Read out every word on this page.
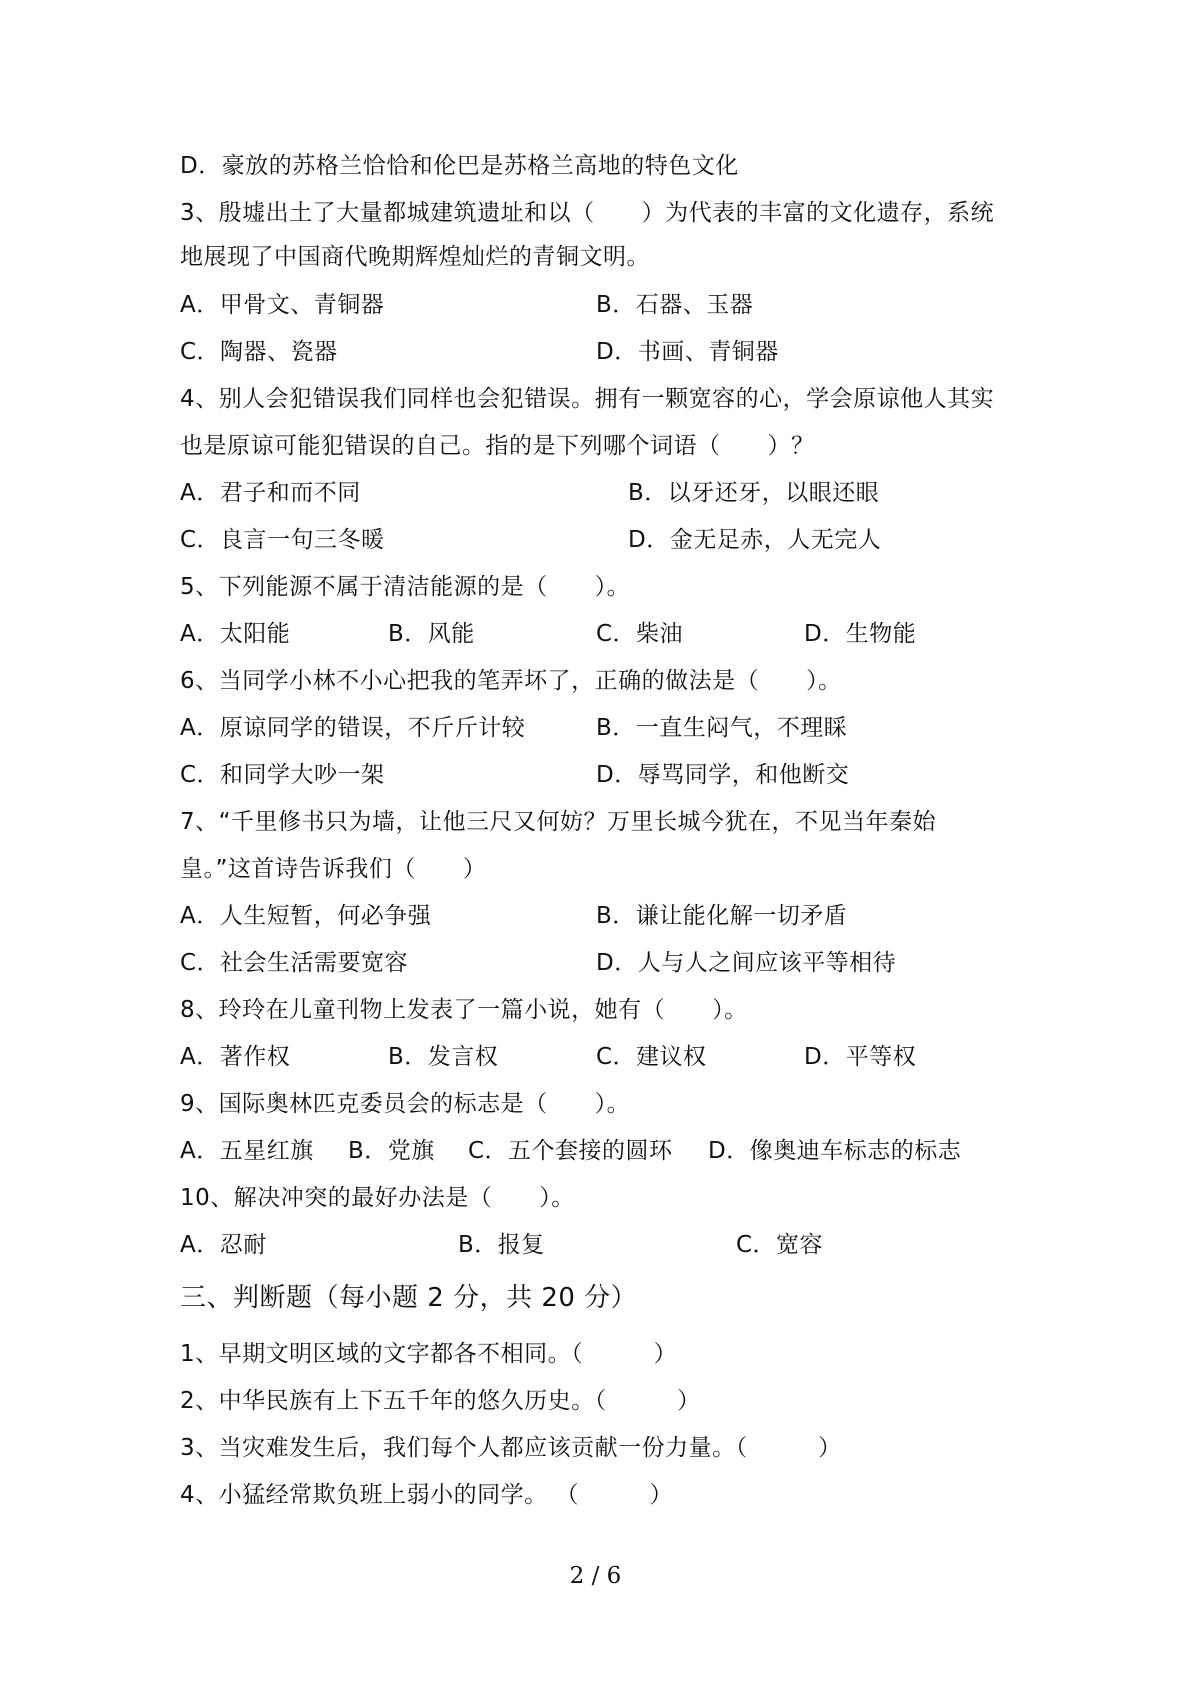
D．豪放的苏格兰恰恰和伦巴是苏格兰高地的特色文化
3、殷墟出土了大量都城建筑遗址和以（　　）为代表的丰富的文化遗存，系统
地展现了中国商代晚期辉煌灿烂的青铜文明。
A．甲骨文、青铜器	B．石器、玉器
C．陶器、瓷器	D．书画、青铜器
4、别人会犯错误我们同样也会犯错误。拥有一颗宽容的心，学会原谅他人其实
也是原谅可能犯错误的自己。指的是下列哪个词语（　　）？
A．君子和而不同	B．以牙还牙，以眼还眼
C．良言一句三冬暖	D．金无足赤，人无完人
5、下列能源不属于清洁能源的是（　　）。
A．太阳能	B．风能	C．柴油	D．生物能
6、当同学小林不小心把我的笔弄坏了，正确的做法是（　　）。
A．原谅同学的错误，不斤斤计较	B．一直生闷气，不理睬
C．和同学大吵一架	D．辱骂同学，和他断交
7、“千里修书只为墙，让他三尺又何妨？万里长城今犹在，不见当年秦始
皇。”这首诗告诉我们（　　）
A．人生短暂，何必争强	B．谦让能化解一切矛盾
C．社会生活需要宽容	D．人与人之间应该平等相待
8、玲玲在儿童刊物上发表了一篇小说，她有（　　）。
A．著作权	B．发言权	C．建议权	D．平等权
9、国际奥林匹克委员会的标志是（　　）。
A．五星红旗 B．党旗 C．五个套接的圆环 D．像奥迪车标志的标志
10、解决冲突的最好办法是（　　）。
A．忍耐	B．报复	C．宽容
三、判断题（每小题 2 分，共 20 分）
1、早期文明区域的文字都各不相同。（　　　）
2、中华民族有上下五千年的悠久历史。（　　　）
3、当灾难发生后，我们每个人都应该贡献一份力量。（　　　）
4、小猛经常欺负班上弱小的同学。 （　　　）
2 / 6
